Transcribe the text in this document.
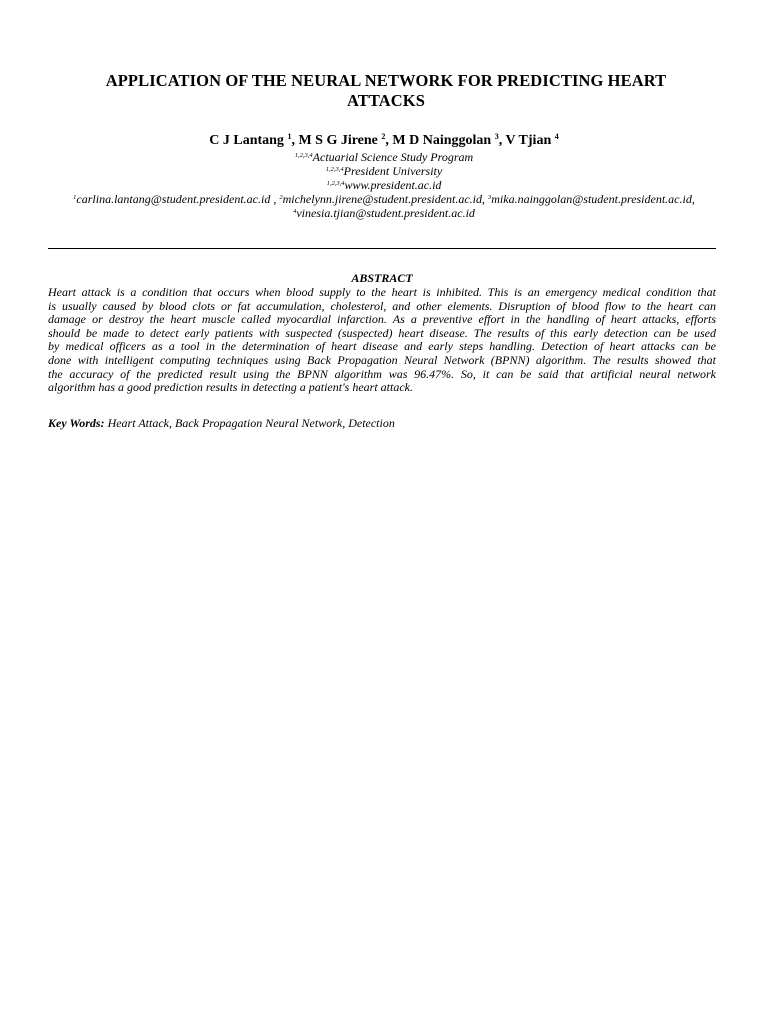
APPLICATION OF THE NEURAL NETWORK FOR PREDICTING HEART
ATTACKS
C J Lantang $^1$, M S G Jirene $^2$, M D Nainggolan $^3$, V Tjian $^4$
$^{1,2,3,4}$Actuarial Science Study Program
$^{1,2,3,4}$President University
$^{1,2,3,4}$www.president.ac.id
$^1$carlina.lantang@student.president.ac.id , $^2$michelynn.jirene@student.president.ac.id, $^3$mika.nainggolan@student.president.ac.id,
$^4$vinesia.tjian@student.president.ac.id
ABSTRACT
Heart attack is a condition that occurs when blood supply to the heart is inhibited. This is an emergency medical condition that
is usually caused by blood clots or fat accumulation, cholesterol, and other elements. Disruption of blood flow to the heart can
damage or destroy the heart muscle called myocardial infarction. As a preventive effort in the handling of heart attacks, efforts
should be made to detect early patients with suspected (suspected) heart disease. The results of this early detection can be used
by medical officers as a tool in the determination of heart disease and early steps handling. Detection of heart attacks can be
done with intelligent computing techniques using Back Propagation Neural Network (BPNN) algorithm. The results showed that
the accuracy of the predicted result using the BPNN algorithm was 96.47%. So, it can be said that artificial neural network
algorithm has a good prediction results in detecting a patient's heart attack.
Key Words: Heart Attack, Back Propagation Neural Network, Detection
